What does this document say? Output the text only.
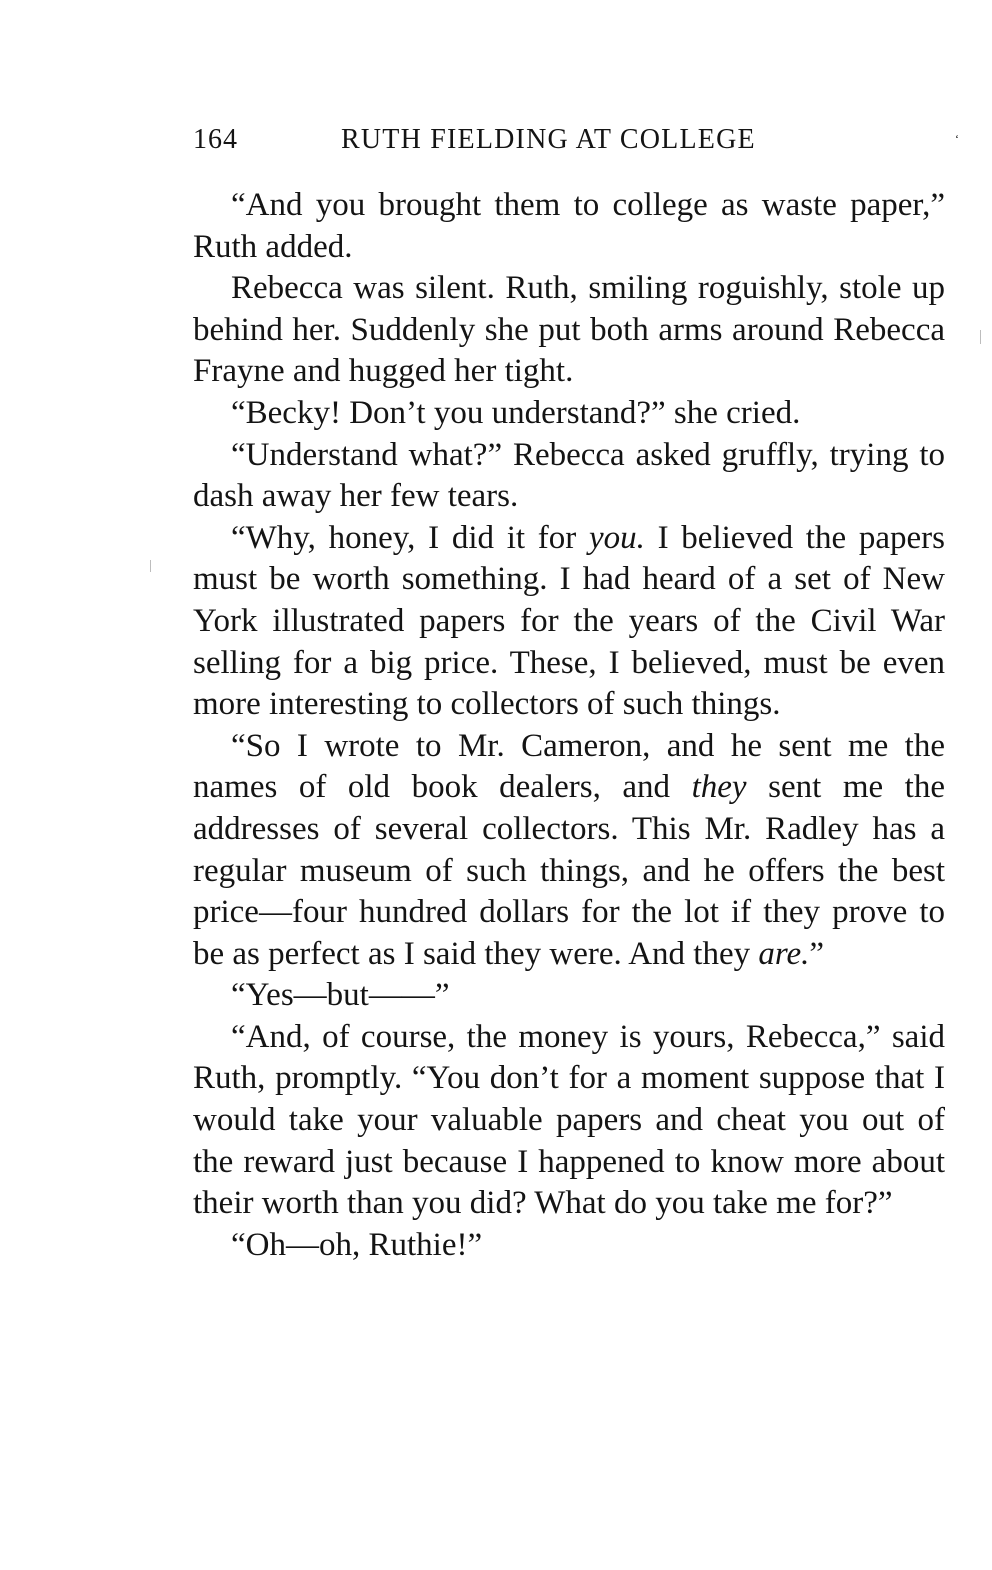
164	RUTH FIELDING AT COLLEGE	‘

“And you brought them to college as waste paper,” Ruth added.

Rebecca was silent. Ruth, smiling roguishly, stole up behind her. Suddenly she put both arms around Rebecca Frayne and hugged her tight.

“Becky! Don’t you understand?” she cried.

“Understand what?” Rebecca asked gruffly, trying to dash away her few tears.

“Why, honey, I did it for you. I believed the papers must be worth something. I had heard of a set of New York illustrated papers for the years of the Civil War selling for a big price. These, I believed, must be even more interesting to collectors of such things.

“So I wrote to Mr. Cameron, and he sent me the names of old book dealers, and they sent me the addresses of several collectors. This Mr. Radley has a regular museum of such things, and he offers the best price—four hundred dollars for the lot if they prove to be as perfect as I said they were. And they are.”

“Yes—but——”

“And, of course, the money is yours, Rebecca,” said Ruth, promptly. “You don’t for a moment suppose that I would take your valuable papers and cheat you out of the reward just because I happened to know more about their worth than you did? What do you take me for?”

“Oh—oh, Ruthie!”
